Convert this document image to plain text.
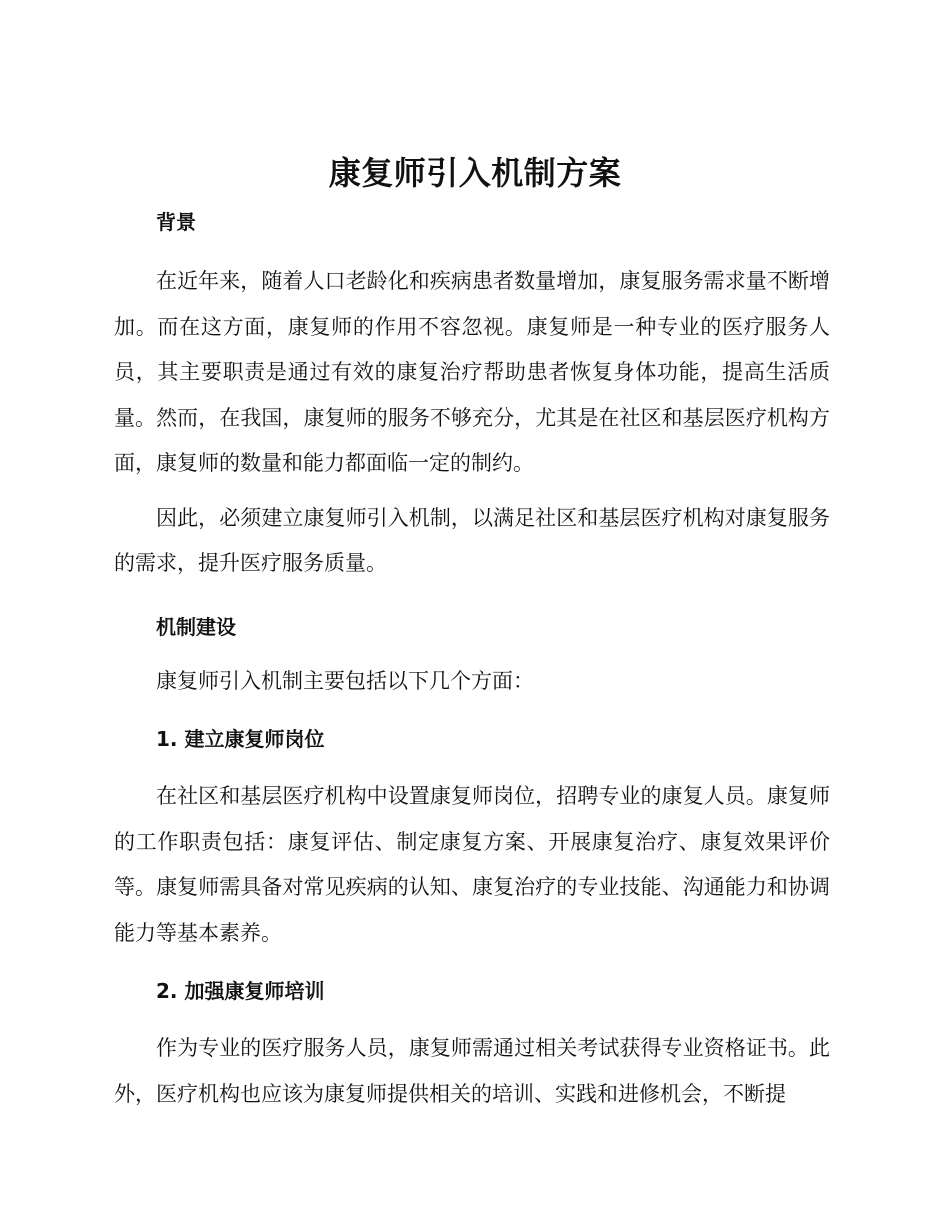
康复师引入机制方案
背景

在近年来，随着人口老龄化和疾病患者数量增加，康复服务需求量不断增加。而在这方面，康复师的作用不容忽视。康复师是一种专业的医疗服务人员，其主要职责是通过有效的康复治疗帮助患者恢复身体功能，提高生活质量。然而，在我国，康复师的服务不够充分，尤其是在社区和基层医疗机构方面，康复师的数量和能力都面临一定的制约。

因此，必须建立康复师引入机制，以满足社区和基层医疗机构对康复服务的需求，提升医疗服务质量。

机制建设

康复师引入机制主要包括以下几个方面：

1. 建立康复师岗位

在社区和基层医疗机构中设置康复师岗位，招聘专业的康复人员。康复师的工作职责包括：康复评估、制定康复方案、开展康复治疗、康复效果评价等。康复师需具备对常见疾病的认知、康复治疗的专业技能、沟通能力和协调能力等基本素养。

2. 加强康复师培训

作为专业的医疗服务人员，康复师需通过相关考试获得专业资格证书。此外，医疗机构也应该为康复师提供相关的培训、实践和进修机会，不断提
